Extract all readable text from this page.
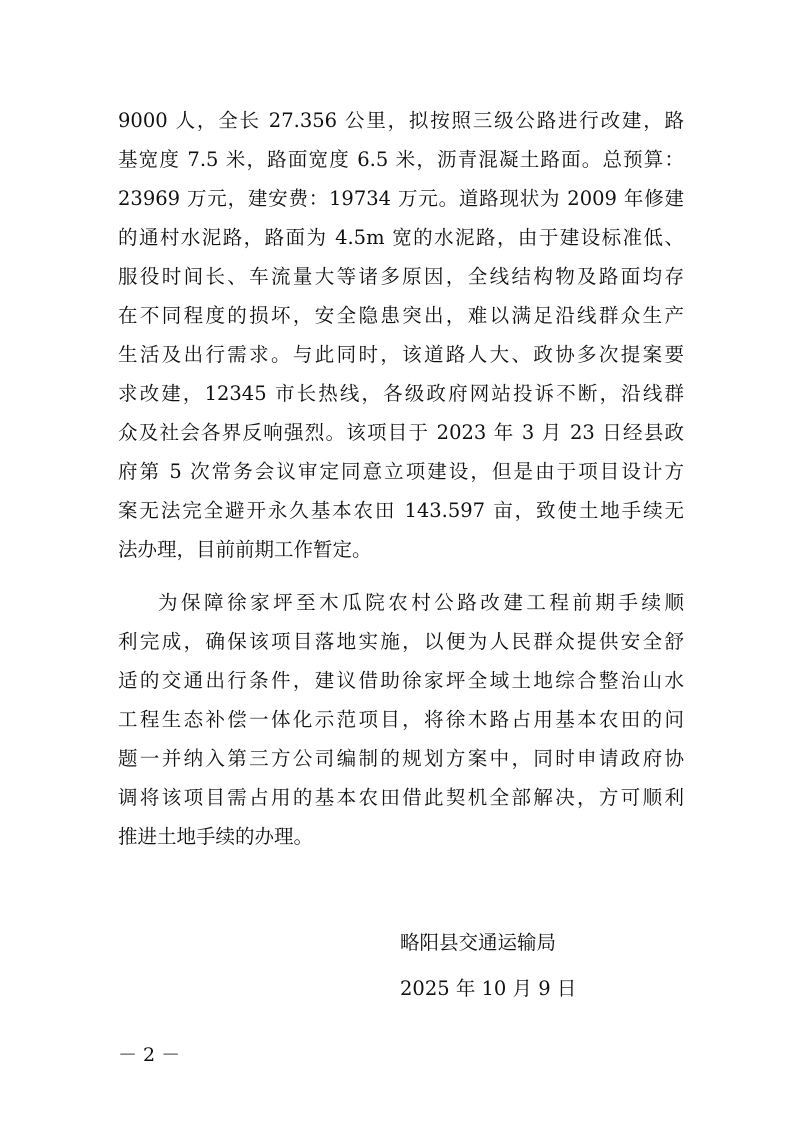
9000 人，全长 27.356 公里，拟按照三级公路进行改建，路
基宽度 7.5 米，路面宽度 6.5 米，沥青混凝土路面。总预算：
23969 万元，建安费：19734 万元。道路现状为 2009 年修建
的通村水泥路，路面为 4.5m 宽的水泥路，由于建设标准低、
服役时间长、车流量大等诸多原因，全线结构物及路面均存
在不同程度的损坏，安全隐患突出，难以满足沿线群众生产
生活及出行需求。与此同时，该道路人大、政协多次提案要
求改建，12345 市长热线，各级政府网站投诉不断，沿线群
众及社会各界反响强烈。该项目于 2023 年 3 月 23 日经县政
府第 5 次常务会议审定同意立项建设，但是由于项目设计方
案无法完全避开永久基本农田 143.597 亩，致使土地手续无
法办理，目前前期工作暂定。
为保障徐家坪至木瓜院农村公路改建工程前期手续顺
利完成，确保该项目落地实施，以便为人民群众提供安全舒
适的交通出行条件，建议借助徐家坪全域土地综合整治山水
工程生态补偿一体化示范项目，将徐木路占用基本农田的问
题一并纳入第三方公司编制的规划方案中，同时申请政府协
调将该项目需占用的基本农田借此契机全部解决，方可顺利
推进土地手续的办理。
略阳县交通运输局
2025 年 10 月 9 日
－ 2 －
